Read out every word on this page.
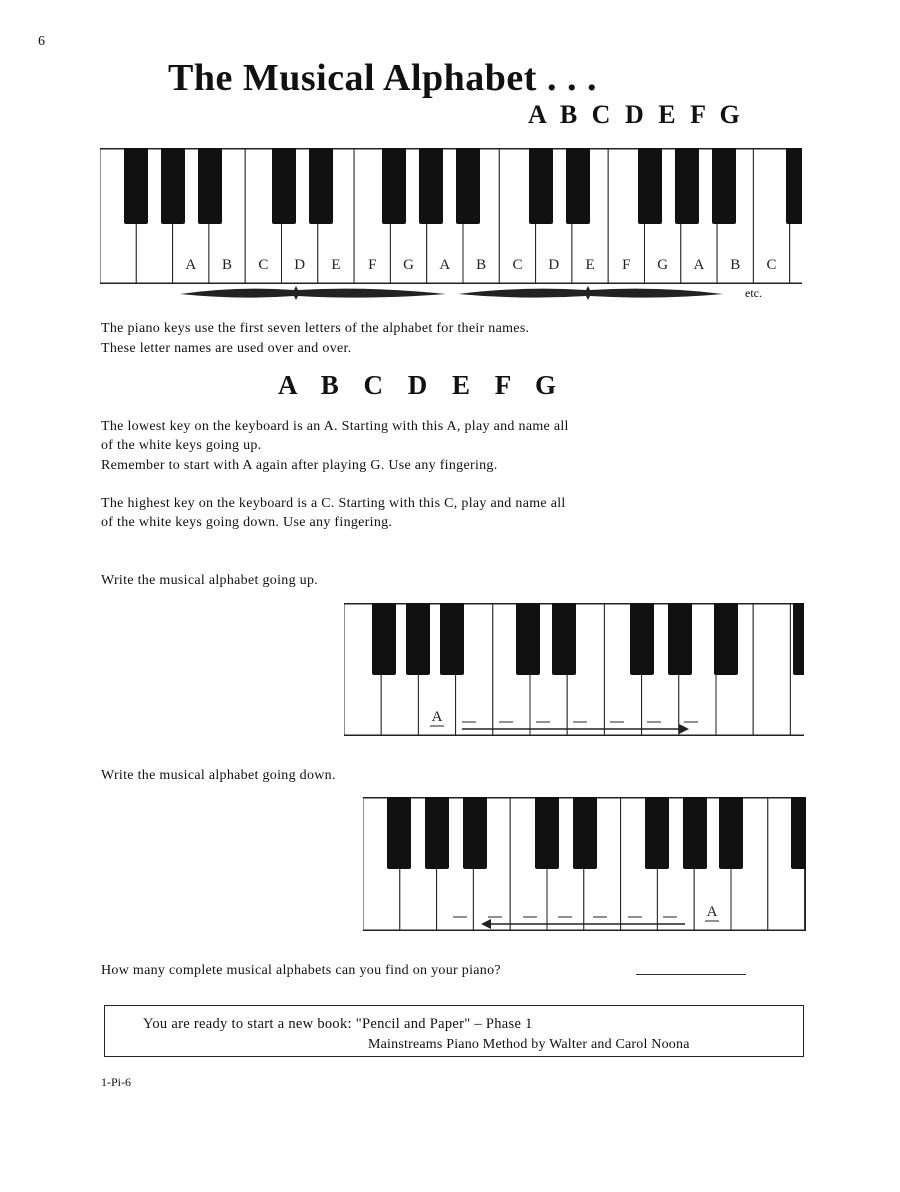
6
The Musical Alphabet . . .
A B C D E F G
A B C D E F G A B C D E F G A B C
etc.
The piano keys use the first seven letters of the alphabet for their names.
These letter names are used over and over.
A B C D E F G
The lowest key on the keyboard is an A. Starting with this A, play and name all
of the white keys going up.
Remember to start with A again after playing G. Use any fingering.
The highest key on the keyboard is a C. Starting with this C, play and name all
of the white keys going down. Use any fingering.
Write the musical alphabet going up.
A
Write the musical alphabet going down.
A
How many complete musical alphabets can you find on your piano?
You are ready to start a new book: "Pencil and Paper" – Phase 1
Mainstreams Piano Method by Walter and Carol Noona
1-Pi-6
